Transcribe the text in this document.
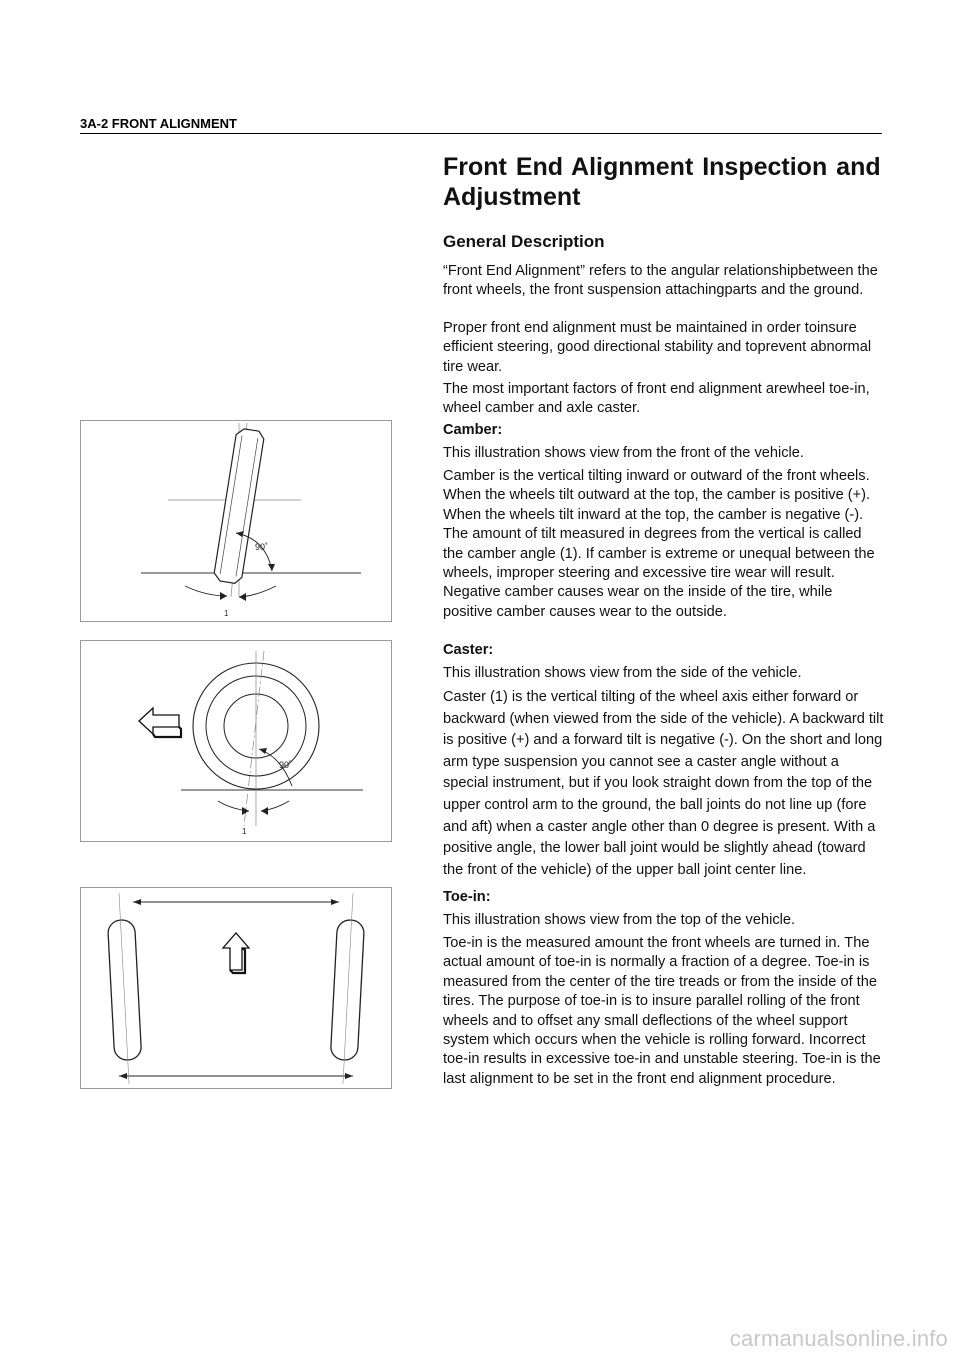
3A-2 FRONT ALIGNMENT
Front End Alignment Inspection and Adjustment
General Description

“Front End Alignment” refers to the angular relationshipbetween the front wheels, the front suspension attachingparts and the ground.

Proper front end alignment must be maintained in order toinsure efficient steering, good directional stability and toprevent abnormal tire wear.

The most important factors of front end alignment arewheel toe-in, wheel camber and axle caster.

Camber:

This illustration shows view from the front of the vehicle.

Camber is the vertical tilting inward or outward of the front wheels. When the wheels tilt outward at the top, the camber is positive (+). When the wheels tilt inward at the top, the camber is negative (-). The amount of tilt measured in degrees from the vertical is called the camber angle (1). If camber is extreme or unequal between the wheels, improper steering and excessive tire wear will result. Negative camber causes wear on the inside of the tire, while positive camber causes wear to the outside.

Caster:

This illustration shows view from the side of the vehicle.

Caster (1) is the vertical tilting of the wheel axis either forward or backward (when viewed from the side of the vehicle). A backward tilt is positive (+) and a forward tilt is negative (-). On the short and long arm type suspension you cannot see a caster angle without a special instrument, but if you look straight down from the top of the upper control arm to the ground, the ball joints do not line up (fore and aft) when a caster angle other than 0 degree is present. With a positive angle, the lower ball joint would be slightly ahead (toward the front of the vehicle) of the upper ball joint center line.

Toe-in:

This illustration shows view from the top of the vehicle.

Toe-in is the measured amount the front wheels are turned in. The actual amount of toe-in is normally a fraction of a degree. Toe-in is measured from the center of the tire treads or from the inside of the tires. The purpose of toe-in is to insure parallel rolling of the front wheels and to offset any small deflections of the wheel support system which occurs when the vehicle is rolling forward. Incorrect toe-in results in excessive toe-in and unstable steering. Toe-in is the last alignment to be set in the front end alignment procedure.

90˚
1
90˚
1
carmanualsonline.info
